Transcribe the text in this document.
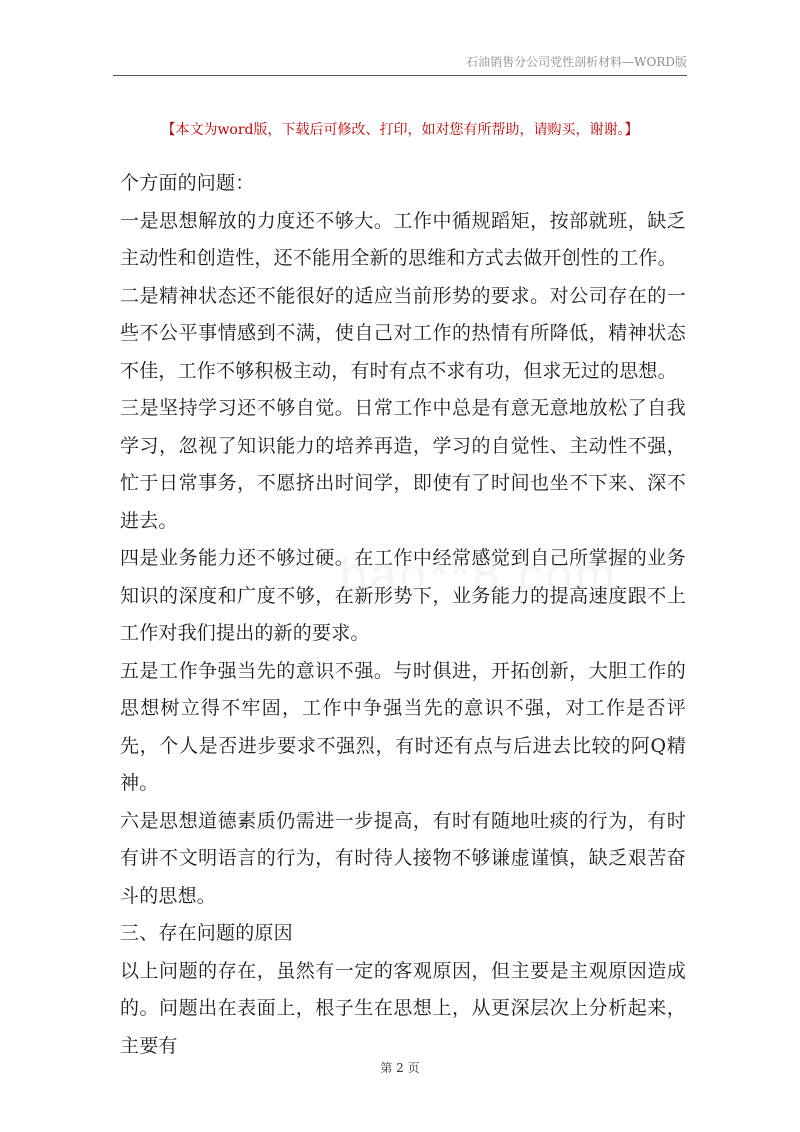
石油销售分公司党性剖析材料—WORD版
【本文为word版，下载后可修改、打印，如对您有所帮助，请购买，谢谢。】

个方面的问题：

一是思想解放的力度还不够大。工作中循规蹈矩，按部就班，缺乏主动性和创造性，还不能用全新的思维和方式去做开创性的工作。

二是精神状态还不能很好的适应当前形势的要求。对公司存在的一些不公平事情感到不满，使自己对工作的热情有所降低，精神状态不佳，工作不够积极主动，有时有点不求有功，但求无过的思想。

三是坚持学习还不够自觉。日常工作中总是有意无意地放松了自我学习，忽视了知识能力的培养再造，学习的自觉性、主动性不强，忙于日常事务，不愿挤出时间学，即使有了时间也坐不下来、深不进去。

四是业务能力还不够过硬。在工作中经常感觉到自己所掌握的业务知识的深度和广度不够，在新形势下，业务能力的提高速度跟不上工作对我们提出的新的要求。

五是工作争强当先的意识不强。与时俱进，开拓创新，大胆工作的思想树立得不牢固，工作中争强当先的意识不强，对工作是否评先，个人是否进步要求不强烈，有时还有点与后进去比较的阿Q精神。

六是思想道德素质仍需进一步提高，有时有随地吐痰的行为，有时有讲不文明语言的行为，有时待人接物不够谦虚谨慎，缺乏艰苦奋斗的思想。

三、存在问题的原因

以上问题的存在，虽然有一定的客观原因，但主要是主观原因造成的。问题出在表面上，根子生在思想上，从更深层次上分析起来，主要有

第 2 页
